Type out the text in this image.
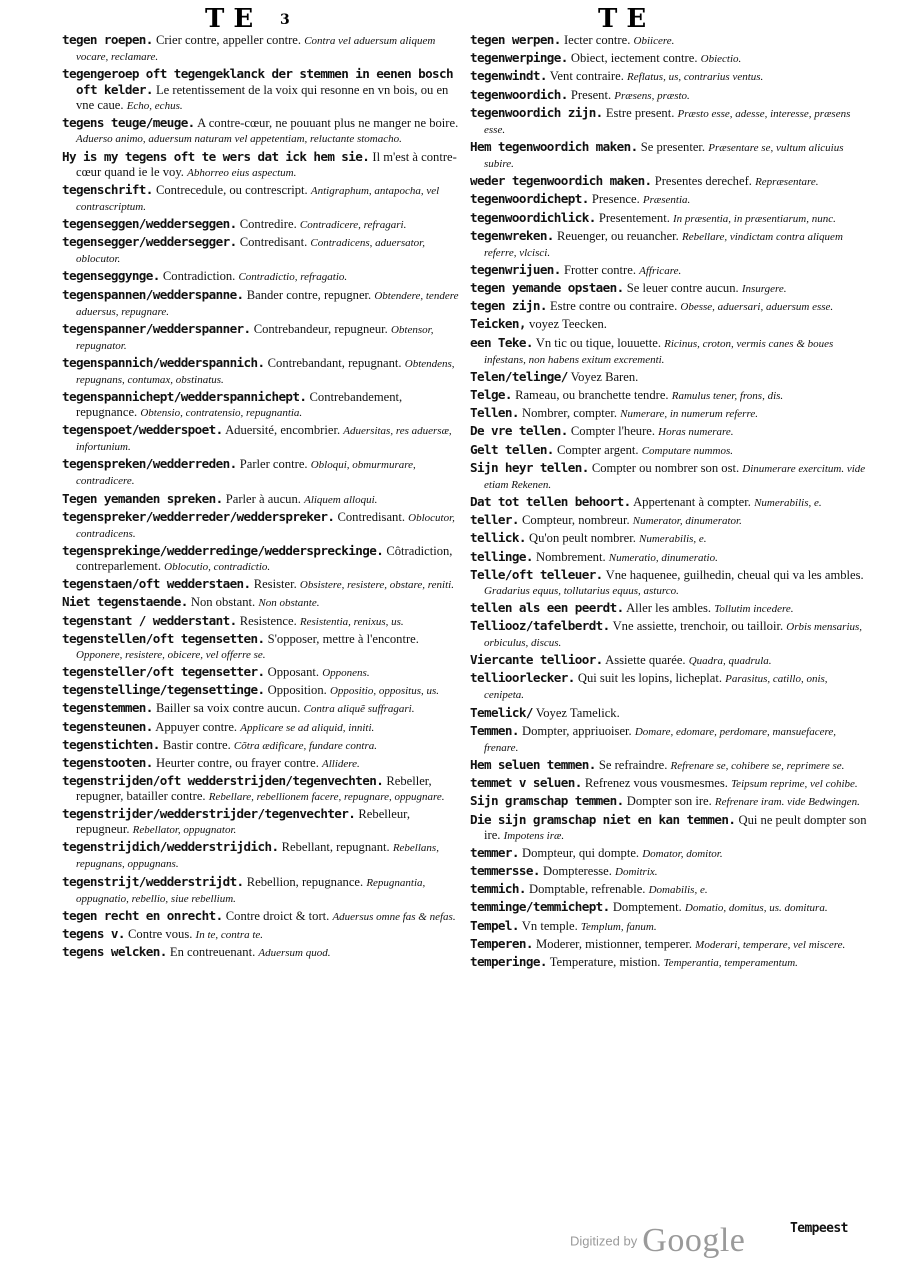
T E 3	T E
tegen roepen. Crier contre, appeller contre. Contra vel aduersum aliquem vocare, reclamare.
tegengeroep oft tegengeklanck der stemmen in eenen bosch oft kelder. Le retentissement de la voix qui resonne en vn bois, ou en vne caue. Echo, echus.
tegens teuge/meuge. A contre-cœur, ne pouuant plus ne manger ne boire. Aduerso animo, aduersum naturam vel appetentiam, reluctante stomacho.
Hy is my tegens oft te wers dat ick hem sie. Il m'est à contre-cœur quand ie le voy. Abhorreo eius aspectum.
tegenschrift. Contrecedule, ou contrescript. Antigraphum, antapocha, vel contrascriptum.
tegenseggen/wedderseggen. Contredire. Contradicere, refragari.
tegensegger/weddersegger. Contredisant. Contradicens, aduersator, oblocutor.
tegenseggynge. Contradiction. Contradictio, refragatio.
tegenspannen/wedderspanne. Bander contre, repugner. Obtendere, tendere aduersus, repugnare.
tegenspanner/wedderspanner. Contrebandeur, repugneur. Obtensor, repugnator.
tegenspannich/wedderspannich. Contrebandant, repugnant. Obtendens, repugnans, contumax, obstinatus.
tegenspannichept/wedderspannichept. Contrebandement, repugnance. Obtensio, contratensio, repugnantia.
tegenspoet/wedderspoet. Aduersité, encombrier. Aduersitas, res aduersæ, infortunium.
tegenspreken/wedderreden. Parler contre. Obloqui, obmurmurare, contradicere.
Tegen yemanden spreken. Parler à aucun. Aliquem alloqui.
tegenspreker/wedderreder/wedderspreker. Contredisant. Oblocutor, contradicens.
tegensprekinge/wedderredinge/wedderspreckinge. Côtradiction, contreparlement. Oblocutio, contradictio.
tegenstaen/oft wedderstaen. Resister. Obsistere, resistere, obstare, reniti.
Niet tegenstaende. Non obstant. Non obstante.
tegenstant / wedderstant. Resistence. Resistentia, renixus, us.
tegenstellen/oft tegensetten. S'opposer, mettre à l'encontre. Opponere, resistere, obicere, vel offerre se.
tegensteller/oft tegensetter. Opposant. Opponens.
tegenstellinge/tegensettinge. Opposition. Oppositio, oppositus, us.
tegenstemmen. Bailler sa voix contre aucun. Contra aliquẽ suffragari.
tegensteunen. Appuyer contre. Applicare se ad aliquid, inniti.
tegenstichten. Bastir contre. Cõtra ædificare, fundare contra.
tegenstooten. Heurter contre, ou frayer contre. Allidere.
tegenstrijden/oft wedderstrijden/tegenvechten. Rebeller, repugner, batailler contre. Rebellare, rebellionem facere, repugnare, oppugnare.
tegenstrijder/wedderstrijder/tegenvechter. Rebelleur, repugneur. Rebellator, oppugnator.
tegenstrijdich/wedderstrijdich. Rebellant, repugnant. Rebellans, repugnans, oppugnans.
tegenstrijt/wedderstrijdt. Rebellion, repugnance. Repugnantia, oppugnatio, rebellio, siue rebellium.
tegen recht en onrecht. Contre droict & tort. Aduersus omne fas & nefas.
tegens v. Contre vous. In te, contra te.
tegens welcken. En contreuenant. Aduersum quod.
tegen werpen. Iecter contre. Obiicere.
tegenwerpinge. Obiect, iectement contre. Obiectio.
tegenwindt. Vent contraire. Reflatus, us, contrarius ventus.
tegenwoordich. Present. Præsens, præsto.
tegenwoordich zijn. Estre present. Præsto esse, adesse, interesse, præsens esse.
Hem tegenwoordich maken. Se presenter. Præsentare se, vultum alicuius subire.
weder tegenwoordich maken. Presentes derechef. Repræsentare.
tegenwoordichept. Presence. Præsentia.
tegenwoordichlick. Presentement. In præsentia, in præsentiarum, nunc.
tegenwreken. Reuenger, ou reuancher. Rebellare, vindictam contra aliquem referre, vlcisci.
tegenwrijuen. Frotter contre. Affricare.
tegen yemande opstaen. Se leuer contre aucun. Insurgere.
tegen zijn. Estre contre ou contraire. Obesse, aduersari, aduersum esse.
Teicken, voyez Teecken.
een Teke. Vn tic ou tique, louuette. Ricinus, croton, vermis canes & boues infestans, non habens exitum excrementi.
Telen/telinge/ Voyez Baren.
Telge. Rameau, ou branchette tendre. Ramulus tener, frons, dis.
Tellen. Nombrer, compter. Numerare, in numerum referre.
De vre tellen. Compter l'heure. Horas numerare.
Gelt tellen. Compter argent. Computare nummos.
Sijn heyr tellen. Compter ou nombrer son ost. Dinumerare exercitum. vide etiam Rekenen.
Dat tot tellen behoort. Appertenant à compter. Numerabilis, e.
teller. Compteur, nombreur. Numerator, dinumerator.
tellick. Qu'on peult nombrer. Numerabilis, e.
tellinge. Nombrement. Numeratio, dinumeratio.
Telle/oft telleuer. Vne haquenee, guilhedin, cheual qui va les ambles. Gradarius equus, tollutarius equus, asturco.
tellen als een peerdt. Aller les ambles. Tollutim incedere.
Telliooz/tafelberdt. Vne assiette, trenchoir, ou tailloir. Orbis mensarius, orbiculus, discus.
Viercante tellioor. Assiette quarée. Quadra, quadrula.
tellioorlecker. Qui suit les lopins, licheplat. Parasitus, catillo, onis, cenipeta.
Temelick/ Voyez Tamelick.
Temmen. Dompter, appriuoiser. Domare, edomare, perdomare, mansuefacere, frenare.
Hem seluen temmen. Se refraindre. Refrenare se, cohibere se, reprimere se.
temmet v seluen. Refrenez vous vousmesmes. Teipsum reprime, vel cohibe.
Sijn gramschap temmen. Dompter son ire. Refrenare iram. vide Bedwingen.
Die sijn gramschap niet en kan temmen. Qui ne peult dompter son ire. Impotens iræ.
temmer. Dompteur, qui dompte. Domator, domitor.
temmersse. Dompteresse. Domitrix.
temmich. Domptable, refrenable. Domabilis, e.
temminge/temmichept. Domptement. Domatio, domitus, us. domitura.
Tempel. Vn temple. Templum, fanum.
Temperen. Moderer, mistionner, temperer. Moderari, temperare, vel miscere.
temperinge. Temperature, mistion. Temperantia, temperamentum.
Tempeest
Digitized by Google
